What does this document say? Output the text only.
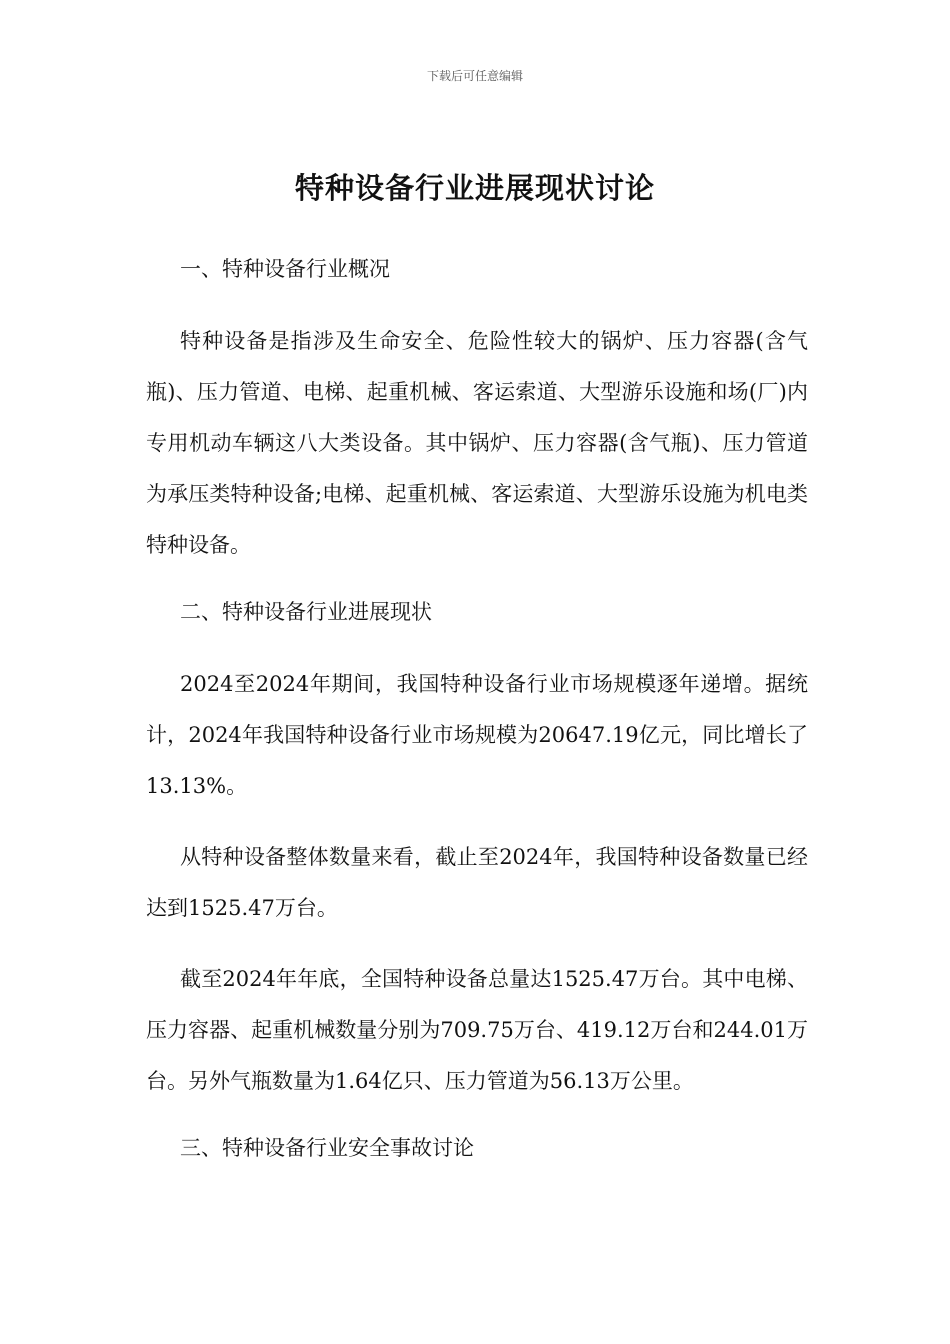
下载后可任意编辑
特种设备行业进展现状讨论
一、特种设备行业概况

特种设备是指涉及生命安全、危险性较大的锅炉、压力容器(含气瓶)、压力管道、电梯、起重机械、客运索道、大型游乐设施和场(厂)内专用机动车辆这八大类设备。其中锅炉、压力容器(含气瓶)、压力管道为承压类特种设备;电梯、起重机械、客运索道、大型游乐设施为机电类特种设备。

二、特种设备行业进展现状

2024至2024年期间，我国特种设备行业市场规模逐年递增。据统计，2024年我国特种设备行业市场规模为20647.19亿元，同比增长了13.13%。

从特种设备整体数量来看，截止至2024年，我国特种设备数量已经达到1525.47万台。

截至2024年年底，全国特种设备总量达1525.47万台。其中电梯、压力容器、起重机械数量分别为709.75万台、419.12万台和244.01万台。另外气瓶数量为1.64亿只、压力管道为56.13万公里。

三、特种设备行业安全事故讨论
